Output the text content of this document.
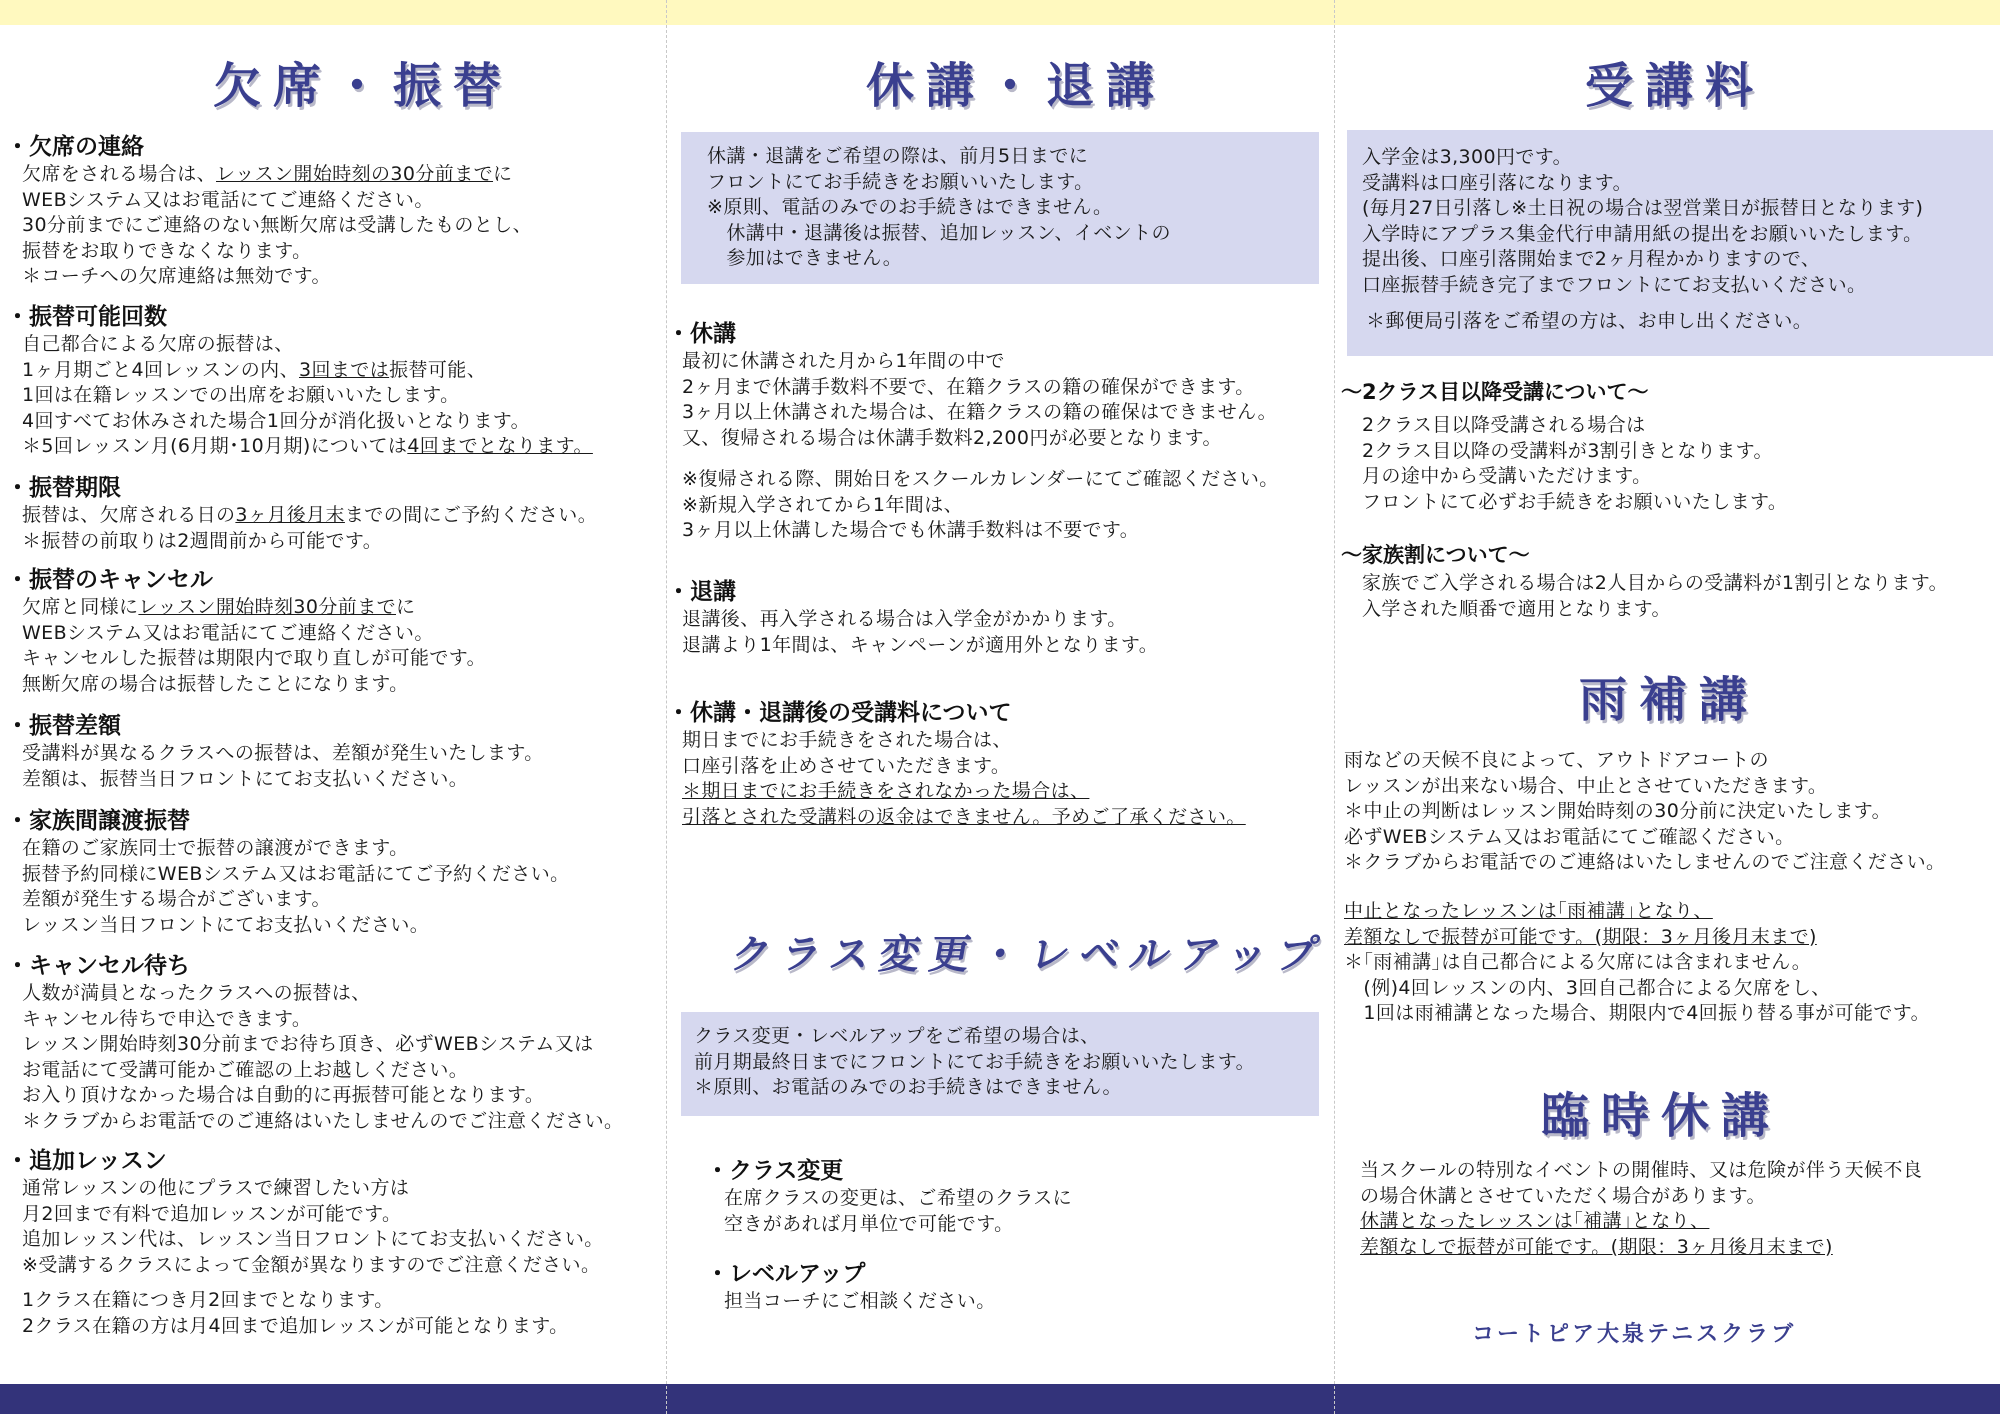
欠席・振替
・欠席の連絡
欠席をされる場合は、レッスン開始時刻の30分前までに
WEBシステム又はお電話にてご連絡ください。
30分前までにご連絡のない無断欠席は受講したものとし、
振替をお取りできなくなります。
＊コーチへの欠席連絡は無効です。
・振替可能回数
自己都合による欠席の振替は、
1ヶ月期ごと4回レッスンの内、3回までは振替可能、
1回は在籍レッスンでの出席をお願いいたします。
4回すべてお休みされた場合1回分が消化扱いとなります。
＊5回レッスン月(6月期･10月期)については4回までとなります。
・振替期限
振替は、欠席される日の3ヶ月後月末までの間にご予約ください。
＊振替の前取りは2週間前から可能です。
・振替のキャンセル
欠席と同様にレッスン開始時刻30分前までに
WEBシステム又はお電話にてご連絡ください。
キャンセルした振替は期限内で取り直しが可能です。
無断欠席の場合は振替したことになります。
・振替差額
受講料が異なるクラスへの振替は、差額が発生いたします。
差額は、振替当日フロントにてお支払いください。
・家族間譲渡振替
在籍のご家族同士で振替の譲渡ができます。
振替予約同様にWEBシステム又はお電話にてご予約ください。
差額が発生する場合がございます。
レッスン当日フロントにてお支払いください。
・キャンセル待ち
人数が満員となったクラスへの振替は、
キャンセル待ちで申込できます。
レッスン開始時刻30分前までお待ち頂き、必ずWEBシステム又は
お電話にて受講可能かご確認の上お越しください。
お入り頂けなかった場合は自動的に再振替可能となります。
＊クラブからお電話でのご連絡はいたしませんのでご注意ください。
・追加レッスン
通常レッスンの他にプラスで練習したい方は
月2回まで有料で追加レッスンが可能です。
追加レッスン代は、レッスン当日フロントにてお支払いください。
※受講するクラスによって金額が異なりますのでご注意ください。
1クラス在籍につき月2回までとなります。
2クラス在籍の方は月4回まで追加レッスンが可能となります。
休講・退講
休講・退講をご希望の際は、前月5日までに
フロントにてお手続きをお願いいたします。
※原則、電話のみでのお手続きはできません。
　休講中・退講後は振替、追加レッスン、イベントの
　参加はできません。
・休講
最初に休講された月から1年間の中で
2ヶ月まで休講手数料不要で、在籍クラスの籍の確保ができます。
3ヶ月以上休講された場合は、在籍クラスの籍の確保はできません。
又、復帰される場合は休講手数料2,200円が必要となります。
※復帰される際、開始日をスクールカレンダーにてご確認ください。
※新規入学されてから1年間は、
3ヶ月以上休講した場合でも休講手数料は不要です。
・退講
退講後、再入学される場合は入学金がかかります。
退講より1年間は、キャンペーンが適用外となります。
・休講・退講後の受講料について
期日までにお手続きをされた場合は、
口座引落を止めさせていただきます。
＊期日までにお手続きをされなかった場合は、
引落とされた受講料の返金はできません。予めご了承ください。
クラス変更・レベルアップ
クラス変更・レベルアップをご希望の場合は、
前月期最終日までにフロントにてお手続きをお願いいたします。
＊原則、お電話のみでのお手続きはできません。
・クラス変更
在席クラスの変更は、ご希望のクラスに
空きがあれば月単位で可能です。
・レベルアップ
担当コーチにご相談ください。
受講料
入学金は3,300円です。
受講料は口座引落になります。
(毎月27日引落し※土日祝の場合は翌営業日が振替日となります)
入学時にアプラス集金代行申請用紙の提出をお願いいたします。
提出後、口座引落開始まで2ヶ月程かかりますので、
口座振替手続き完了までフロントにてお支払いください。
＊郵便局引落をご希望の方は、お申し出ください。
〜2クラス目以降受講について〜
2クラス目以降受講される場合は
2クラス目以降の受講料が3割引きとなります。
月の途中から受講いただけます。
フロントにて必ずお手続きをお願いいたします。
〜家族割について〜
家族でご入学される場合は2人目からの受講料が1割引となります。
入学された順番で適用となります。
雨補講
雨などの天候不良によって、アウトドアコートの
レッスンが出来ない場合、中止とさせていただきます。
＊中止の判断はレッスン開始時刻の30分前に決定いたします。
必ずWEBシステム又はお電話にてご確認ください。
＊クラブからお電話でのご連絡はいたしませんのでご注意ください。
中止となったレッスンは｢雨補講｣となり、
差額なしで振替が可能です。(期限：3ヶ月後月末まで)
＊｢雨補講｣は自己都合による欠席には含まれません。
　(例)4回レッスンの内、3回自己都合による欠席をし、
　1回は雨補講となった場合、期限内で4回振り替る事が可能です。
臨時休講
当スクールの特別なイベントの開催時、又は危険が伴う天候不良
の場合休講とさせていただく場合があります。
休講となったレッスンは｢補講｣となり、
差額なしで振替が可能です。(期限：3ヶ月後月末まで)
コートピア大泉テニスクラブ
